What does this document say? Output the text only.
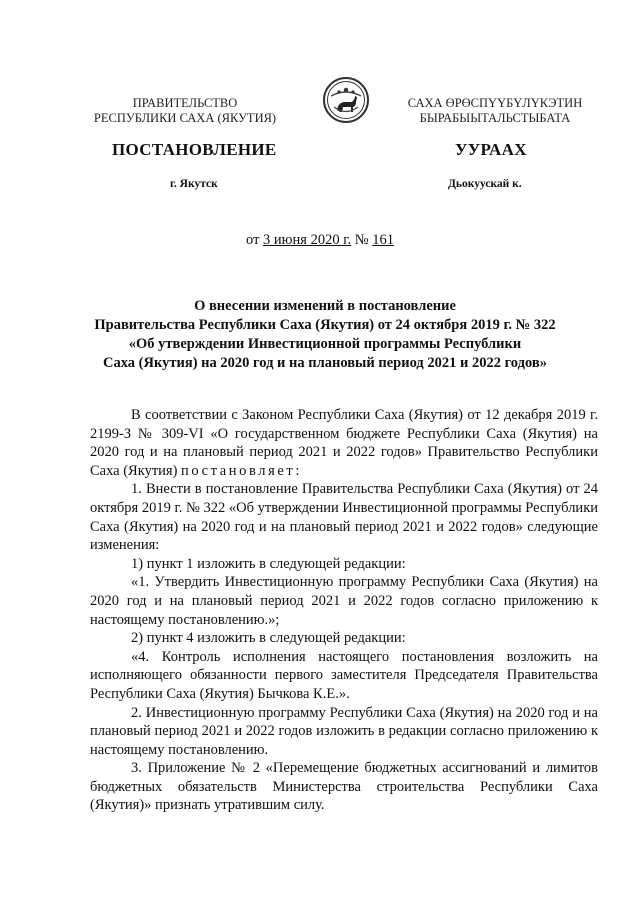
ПРАВИТЕЛЬСТВО
РЕСПУБЛИКИ САХА (ЯКУТИЯ)
САХА ӨРӨСПҮҮБҮЛҮКЭТИН
БЫРАБЫЫТАЛЬСТЫБАТА
ПОСТАНОВЛЕНИЕ	УУРААХ
г. Якутск	Дьокуускай к.
от 3 июня 2020 г. № 161
О внесении изменений в постановление
Правительства Республики Саха (Якутия) от 24 октября 2019 г. № 322
«Об утверждении Инвестиционной программы Республики
Саха (Якутия) на 2020 год и на плановый период 2021 и 2022 годов»

В соответствии с Законом Республики Саха (Якутия) от 12 декабря 2019 г. 2199-З № 309-VI «О государственном бюджете Республики Саха (Якутия) на 2020 год и на плановый период 2021 и 2022 годов» Правительство Республики Саха (Якутия) постановляет:

1. Внести в постановление Правительства Республики Саха (Якутия) от 24 октября 2019 г. № 322 «Об утверждении Инвестиционной программы Республики Саха (Якутия) на 2020 год и на плановый период 2021 и 2022 годов» следующие изменения:

1) пункт 1 изложить в следующей редакции:

«1. Утвердить Инвестиционную программу Республики Саха (Якутия) на 2020 год и на плановый период 2021 и 2022 годов согласно приложению к настоящему постановлению.»;

2) пункт 4 изложить в следующей редакции:

«4. Контроль исполнения настоящего постановления возложить на исполняющего обязанности первого заместителя Председателя Правительства Республики Саха (Якутия) Бычкова К.Е.».

2. Инвестиционную программу Республики Саха (Якутия) на 2020 год и на плановый период 2021 и 2022 годов изложить в редакции согласно приложению к настоящему постановлению.

3. Приложение № 2 «Перемещение бюджетных ассигнований и лимитов бюджетных обязательств Министерства строительства Республики Саха (Якутия)» признать утратившим силу.
